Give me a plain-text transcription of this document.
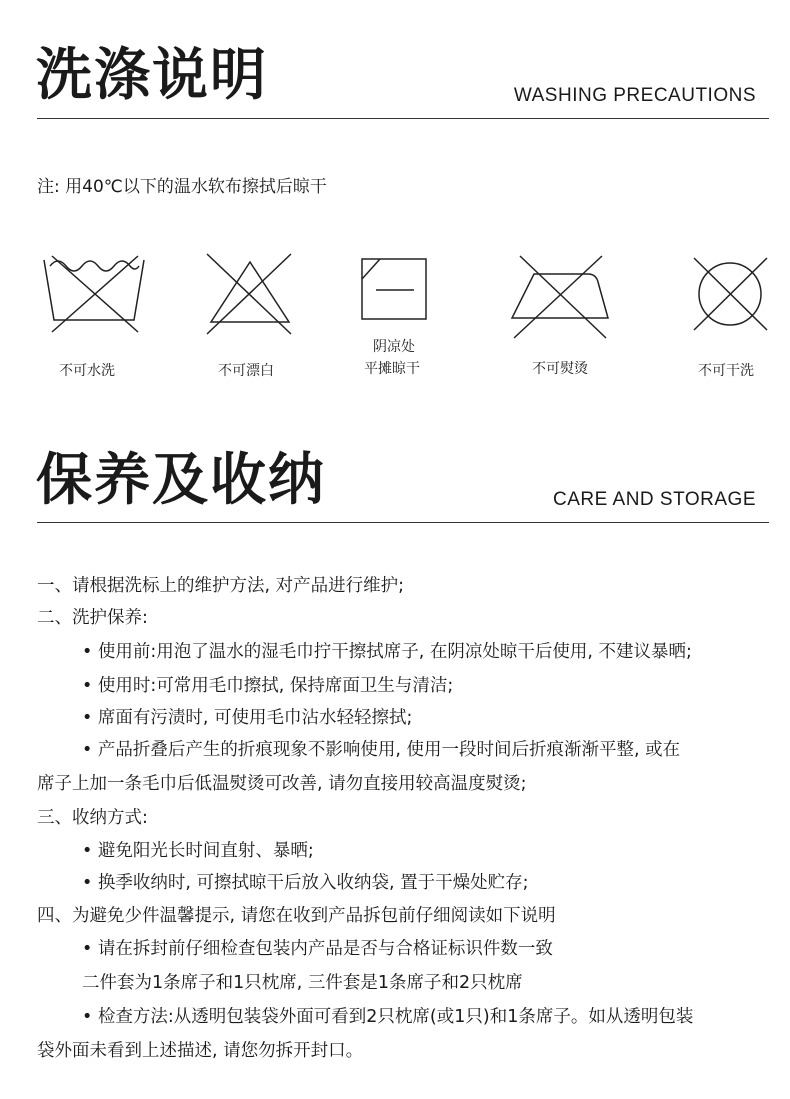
洗涤说明	WASHING PRECAUTIONS
注: 用40℃以下的温水软布擦拭后晾干
不可水洗	不可漂白
阴凉处
平摊晾干	不可熨烫	不可干洗
保养及收纳	CARE AND STORAGE
一、请根据洗标上的维护方法, 对产品进行维护;
二、洗护保养:
• 使用前:用泡了温水的湿毛巾拧干擦拭席子, 在阴凉处晾干后使用, 不建议暴晒;
• 使用时:可常用毛巾擦拭, 保持席面卫生与清洁;
• 席面有污渍时, 可使用毛巾沾水轻轻擦拭;
• 产品折叠后产生的折痕现象不影响使用, 使用一段时间后折痕渐渐平整, 或在
席子上加一条毛巾后低温熨烫可改善, 请勿直接用较高温度熨烫;
三、收纳方式:
• 避免阳光长时间直射、暴晒;
• 换季收纳时, 可擦拭晾干后放入收纳袋, 置于干燥处贮存;
四、为避免少件温馨提示, 请您在收到产品拆包前仔细阅读如下说明
• 请在拆封前仔细检查包装内产品是否与合格证标识件数一致
二件套为1条席子和1只枕席, 三件套是1条席子和2只枕席
• 检查方法:从透明包装袋外面可看到2只枕席(或1只)和1条席子。如从透明包装
袋外面未看到上述描述, 请您勿拆开封口。
